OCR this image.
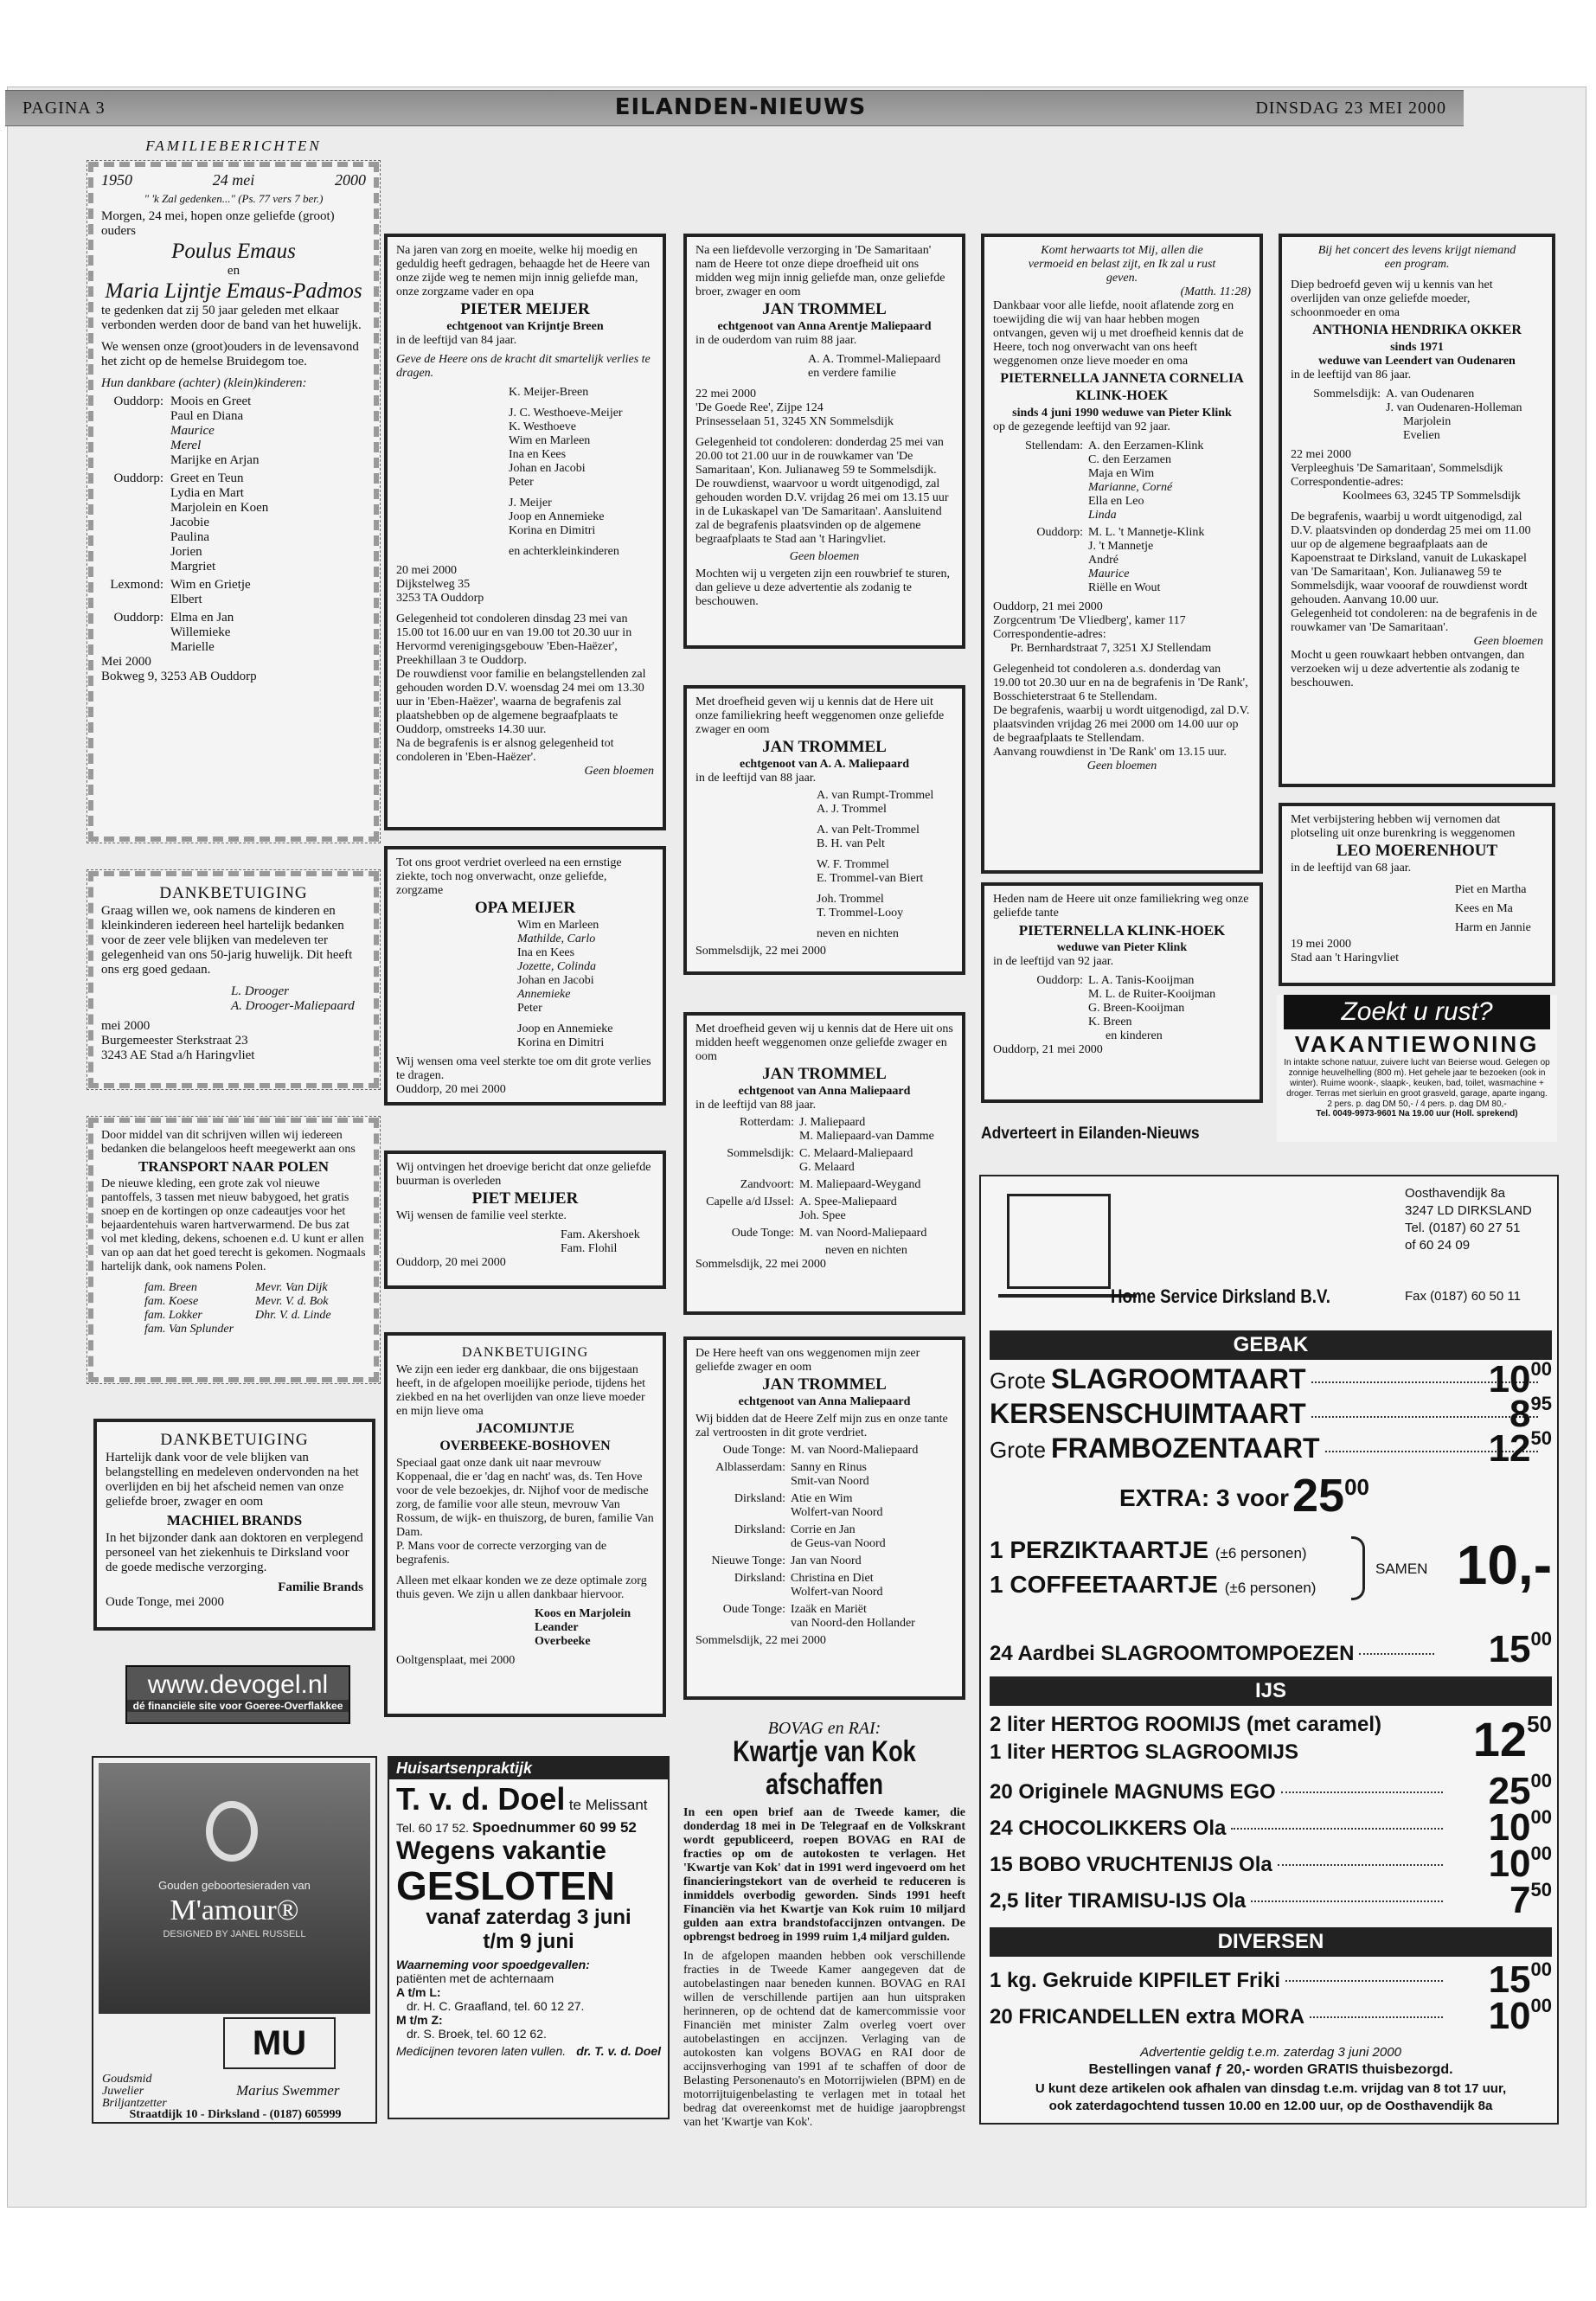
PAGINA 3	EILANDEN-NIEUWS	DINSDAG 23 MEI 2000
FAMILIEBERICHTEN
1950	24 mei	2000
" 'k Zal gedenken..." (Ps. 77 vers 7 ber.)
Morgen, 24 mei, hopen onze geliefde (groot) ouders
Poulus Emaus
en
Maria Lijntje Emaus-Padmos
te gedenken dat zij 50 jaar geleden met elkaar verbonden werden door de band van het huwelijk.
We wensen onze (groot)ouders in de levensavond het zicht op de hemelse Bruidegom toe.
Hun dankbare (achter) (klein)kinderen:
Ouddorp: Moois en Greet
Paul en Diana
Maurice
Merel
Marijke en Arjan
Ouddorp: Greet en Teun
Lydia en Mart
Marjolein en Koen
Jacobie
Paulina
Jorien
Margriet
Lexmond: Wim en Grietje
Elbert
Ouddorp: Elma en Jan
Willemieke
Marielle
Mei 2000
Bokweg 9, 3253 AB Ouddorp
DANKBETUIGING
Graag willen we, ook namens de kinderen en kleinkinderen iedereen heel hartelijk bedanken voor de zeer vele blijken van medeleven ter gelegenheid van ons 50-jarig huwelijk. Dit heeft ons erg goed gedaan.
L. Drooger
A. Drooger-Maliepaard
mei 2000
Burgemeester Sterkstraat 23
3243 AE Stad a/h Haringvliet
Door middel van dit schrijven willen wij iedereen bedanken die belangeloos heeft meegewerkt aan ons
TRANSPORT NAAR POLEN
De nieuwe kleding, een grote zak vol nieuwe pantoffels, 3 tassen met nieuw babygoed, het gratis snoep en de kortingen op onze cadeautjes voor het bejaardentehuis waren hartverwarmend. De bus zat vol met kleding, dekens, schoenen e.d. U kunt er allen van op aan dat het goed terecht is gekomen. Nogmaals hartelijk dank, ook namens Polen.
fam. Breen	Mevr. Van Dijk
fam. Koese	Mevr. V. d. Bok
fam. Lokker	Dhr. V. d. Linde
fam. Van Splunder
DANKBETUIGING
Hartelijk dank voor de vele blijken van belangstelling en medeleven ondervonden na het overlijden en bij het afscheid nemen van onze geliefde broer, zwager en oom
MACHIEL BRANDS
In het bijzonder dank aan doktoren en verplegend personeel van het ziekenhuis te Dirksland voor de goede medische verzorging.
Familie Brands
Oude Tonge, mei 2000
www.devogel.nl
dé financiële site voor Goeree-Overflakkee
Gouden geboortesieraden van
M'amour®
DESIGNED BY JANEL RUSSELL
MU
Goudsmid
Juwelier
Briljantzetter
Marius Swemmer
Straatdijk 10 - Dirksland - (0187) 605999
Na jaren van zorg en moeite, welke hij moedig en geduldig heeft gedragen, behaagde het de Heere van onze zijde weg te nemen mijn innig geliefde man, onze zorgzame vader en opa
PIETER MEIJER
echtgenoot van Krijntje Breen
in de leeftijd van 84 jaar.
Geve de Heere ons de kracht dit smartelijk verlies te dragen.
K. Meijer-Breen
J. C. Westhoeve-Meijer
K. Westhoeve
Wim en Marleen
Ina en Kees
Johan en Jacobi
Peter
J. Meijer
Joop en Annemieke
Korina en Dimitri
en achterkleinkinderen
20 mei 2000
Dijkstelweg 35
3253 TA Ouddorp
Gelegenheid tot condoleren dinsdag 23 mei van 15.00 tot 16.00 uur en van 19.00 tot 20.30 uur in Hervormd verenigingsgebouw 'Eben-Haëzer', Preekhillaan 3 te Ouddorp.
De rouwdienst voor familie en belangstellenden zal gehouden worden D.V. woensdag 24 mei om 13.30 uur in 'Eben-Haëzer', waarna de begrafenis zal plaatshebben op de algemene begraafplaats te Ouddorp, omstreeks 14.30 uur.
Na de begrafenis is er alsnog gelegenheid tot condoleren in 'Eben-Haëzer'.
Geen bloemen
Tot ons groot verdriet overleed na een ernstige ziekte, toch nog onverwacht, onze geliefde, zorgzame
OPA MEIJER
Wim en Marleen
Mathilde, Carlo
Ina en Kees
Jozette, Colinda
Johan en Jacobi
Annemieke
Peter
Joop en Annemieke
Korina en Dimitri
Wij wensen oma veel sterkte toe om dit grote verlies te dragen.
Ouddorp, 20 mei 2000
Wij ontvingen het droevige bericht dat onze geliefde buurman is overleden
PIET MEIJER
Wij wensen de familie veel sterkte.
Fam. Akershoek
Fam. Flohil
Ouddorp, 20 mei 2000
DANKBETUIGING
We zijn een ieder erg dankbaar, die ons bijgestaan heeft, in de afgelopen moeilijke periode, tijdens het ziekbed en na het overlijden van onze lieve moeder en mijn lieve oma
JACOMIJNTJE
OVERBEEKE-BOSHOVEN
Speciaal gaat onze dank uit naar mevrouw Koppenaal, die er 'dag en nacht' was, ds. Ten Hove voor de vele bezoekjes, dr. Nijhof voor de medische zorg, de familie voor alle steun, mevrouw Van Rossum, de wijk- en thuiszorg, de buren, familie Van Dam.
P. Mans voor de correcte verzorging van de begrafenis.
Alleen met elkaar konden we ze deze optimale zorg thuis geven. We zijn u allen dankbaar hiervoor.
Koos en Marjolein
Leander
Overbeeke
Ooltgensplaat, mei 2000
Huisartsenpraktijk
T. v. d. Doel te Melissant
Tel. 60 17 52. Spoednummer 60 99 52
Wegens vakantie
GESLOTEN
vanaf zaterdag 3 juni
t/m 9 juni
Waarneming voor spoedgevallen:
patiënten met de achternaam
A t/m L:
dr. H. C. Graafland, tel. 60 12 27.
M t/m Z:
dr. S. Broek, tel. 60 12 62.
Medicijnen tevoren laten vullen. dr. T. v. d. Doel
Na een liefdevolle verzorging in 'De Samaritaan' nam de Heere tot onze diepe droefheid uit ons midden weg mijn innig geliefde man, onze geliefde broer, zwager en oom
JAN TROMMEL
echtgenoot van Anna Arentje Maliepaard
in de ouderdom van ruim 88 jaar.
A. A. Trommel-Maliepaard
en verdere familie
22 mei 2000
'De Goede Ree', Zijpe 124
Prinsesselaan 51, 3245 XN Sommelsdijk
Gelegenheid tot condoleren: donderdag 25 mei van 20.00 tot 21.00 uur in de rouwkamer van 'De Samaritaan', Kon. Julianaweg 59 te Sommelsdijk.
De rouwdienst, waarvoor u wordt uitgenodigd, zal gehouden worden D.V. vrijdag 26 mei om 13.15 uur in de Lukaskapel van 'De Samaritaan'. Aansluitend zal de begrafenis plaatsvinden op de algemene begraafplaats te Stad aan 't Haringvliet.
Geen bloemen
Mochten wij u vergeten zijn een rouwbrief te sturen, dan gelieve u deze advertentie als zodanig te beschouwen.
Met droefheid geven wij u kennis dat de Here uit onze familiekring heeft weggenomen onze geliefde zwager en oom
JAN TROMMEL
echtgenoot van A. A. Maliepaard
in de leeftijd van 88 jaar.
A. van Rumpt-Trommel
A. J. Trommel
A. van Pelt-Trommel
B. H. van Pelt
W. F. Trommel
E. Trommel-van Biert
Joh. Trommel
T. Trommel-Looy
neven en nichten
Sommelsdijk, 22 mei 2000
Met droefheid geven wij u kennis dat de Here uit ons midden heeft weggenomen onze geliefde zwager en oom
JAN TROMMEL
echtgenoot van Anna Maliepaard
in de leeftijd van 88 jaar.
Rotterdam: J. Maliepaard
M. Maliepaard-van Damme
Sommelsdijk: C. Melaard-Maliepaard
G. Melaard
Zandvoort: M. Maliepaard-Weygand
Capelle a/d IJssel: A. Spee-Maliepaard
Joh. Spee
Oude Tonge: M. van Noord-Maliepaard
neven en nichten
Sommelsdijk, 22 mei 2000
De Here heeft van ons weggenomen mijn zeer geliefde zwager en oom
JAN TROMMEL
echtgenoot van Anna Maliepaard
Wij bidden dat de Heere Zelf mijn zus en onze tante zal vertroosten in dit grote verdriet.
Oude Tonge: M. van Noord-Maliepaard
Alblasserdam: Sanny en Rinus
Smit-van Noord
Dirksland: Atie en Wim
Wolfert-van Noord
Dirksland: Corrie en Jan
de Geus-van Noord
Nieuwe Tonge: Jan van Noord
Dirksland: Christina en Diet
Wolfert-van Noord
Oude Tonge: Izaäk en Mariët
van Noord-den Hollander
Sommelsdijk, 22 mei 2000
BOVAG en RAI:
Kwartje van Kok
afschaffen
In een open brief aan de Tweede kamer, die donderdag 18 mei in De Telegraaf en de Volkskrant wordt gepubliceerd, roepen BOVAG en RAI de fracties op om de autokosten te verlagen. Het 'Kwartje van Kok' dat in 1991 werd ingevoerd om het financieringstekort van de overheid te reduceren is inmiddels overbodig geworden. Sinds 1991 heeft Financiën via het Kwartje van Kok ruim 10 miljard gulden aan extra brandstofaccijnzen ontvangen. De opbrengst bedroeg in 1999 ruim 1,4 miljard gulden.
In de afgelopen maanden hebben ook verschillende fracties in de Tweede Kamer aangegeven dat de autobelastingen naar beneden kunnen. BOVAG en RAI willen de verschillende partijen aan hun uitspraken herinneren, op de ochtend dat de kamercommissie voor Financiën met minister Zalm overleg voert over autobelastingen en accijnzen. Verlaging van de autokosten kan volgens BOVAG en RAI door de accijnsverhoging van 1991 af te schaffen of door de Belasting Personenauto's en Motorrijwielen (BPM) en de motorrijtuigenbelasting te verlagen met in totaal het bedrag dat overeenkomst met de huidige jaaropbrengst van het 'Kwartje van Kok'.
Komt herwaarts tot Mij, allen die vermoeid en belast zijt, en Ik zal u rust geven.
(Matth. 11:28)
Dankbaar voor alle liefde, nooit aflatende zorg en toewijding die wij van haar hebben mogen ontvangen, geven wij u met droefheid kennis dat de Heere, toch nog onverwacht van ons heeft weggenomen onze lieve moeder en oma
PIETERNELLA JANNETA CORNELIA
KLINK-HOEK
sinds 4 juni 1990 weduwe van Pieter Klink
op de gezegende leeftijd van 92 jaar.
Stellendam: A. den Eerzamen-Klink
C. den Eerzamen
Maja en Wim
Marianne, Corné
Ella en Leo
Linda
Ouddorp: M. L. 't Mannetje-Klink
J. 't Mannetje
André
Maurice
Riëlle en Wout
Ouddorp, 21 mei 2000
Zorgcentrum 'De Vliedberg', kamer 117
Correspondentie-adres:
Pr. Bernhardstraat 7, 3251 XJ Stellendam
Gelegenheid tot condoleren a.s. donderdag van 19.00 tot 20.30 uur en na de begrafenis in 'De Rank', Bosschieterstraat 6 te Stellendam.
De begrafenis, waarbij u wordt uitgenodigd, zal D.V. plaatsvinden vrijdag 26 mei 2000 om 14.00 uur op de begraafplaats te Stellendam.
Aanvang rouwdienst in 'De Rank' om 13.15 uur.
Geen bloemen
Heden nam de Heere uit onze familiekring weg onze geliefde tante
PIETERNELLA KLINK-HOEK
weduwe van Pieter Klink
in de leeftijd van 92 jaar.
Ouddorp: L. A. Tanis-Kooijman
M. L. de Ruiter-Kooijman
G. Breen-Kooijman
K. Breen
en kinderen
Ouddorp, 21 mei 2000
Adverteert in Eilanden-Nieuws
Bij het concert des levens krijgt niemand een program.
Diep bedroefd geven wij u kennis van het overlijden van onze geliefde moeder, schoonmoeder en oma
ANTHONIA HENDRIKA OKKER
sinds 1971
weduwe van Leendert van Oudenaren
in de leeftijd van 86 jaar.
Sommelsdijk: A. van Oudenaren
J. van Oudenaren-Holleman
Marjolein
Evelien
22 mei 2000
Verpleeghuis 'De Samaritaan', Sommelsdijk
Correspondentie-adres:
Koolmees 63, 3245 TP Sommelsdijk
De begrafenis, waarbij u wordt uitgenodigd, zal D.V. plaatsvinden op donderdag 25 mei om 11.00 uur op de algemene begraafplaats aan de Kapoenstraat te Dirksland, vanuit de Lukaskapel van 'De Samaritaan', Kon. Julianaweg 59 te Sommelsdijk, waar voooraf de rouwdienst wordt gehouden. Aanvang 10.00 uur.
Gelegenheid tot condoleren: na de begrafenis in de rouwkamer van 'De Samaritaan'.
Geen bloemen
Mocht u geen rouwkaart hebben ontvangen, dan verzoeken wij u deze advertentie als zodanig te beschouwen.
Met verbijstering hebben wij vernomen dat plotseling uit onze burenkring is weggenomen
LEO MOERENHOUT
in de leeftijd van 68 jaar.
Piet en Martha
Kees en Ma
Harm en Jannie
19 mei 2000
Stad aan 't Haringvliet
Zoekt u rust?
VAKANTIEWONING
In intakte schone natuur, zuivere lucht van Beierse woud. Gelegen op zonnige heuvelhelling (800 m). Het gehele jaar te bezoeken (ook in winter). Ruime woonk-, slaapk-, keuken, bad, toilet, wasmachine + droger. Terras met sierluin en groot grasveld, garage, aparte ingang.
2 pers. p. dag DM 50,- / 4 pers. p. dag DM 80,-
Tel. 0049-9973-9601 Na 19.00 uur (Holl. sprekend)
Oosthavendijk 8a
3247 LD DIRKSLAND
Tel. (0187) 60 27 51
of 60 24 09
Home Service Dirksland B.V.	Fax (0187) 60 50 11
GEBAK
Grote SLAGROOMTAART	$10^{00}$
KERSENSCHUIMTAART	$8^{95}$
Grote FRAMBOZENTAART	$12^{50}$
EXTRA: 3 voor $25^{00}$
1 PERZIKTAARTJE (±6 personen)
1 COFFEETAARTJE (±6 personen)
SAMEN 10,-
24 Aardbei SLAGROOMTOMPOEZEN	$15^{00}$
IJS
2 liter HERTOG ROOMIJS (met caramel)
1 liter HERTOG SLAGROOMIJS	$12^{50}$
20 Originele MAGNUMS EGO	$25^{00}$
24 CHOCOLIKKERS Ola	$10^{00}$
15 BOBO VRUCHTENIJS Ola	$10^{00}$
2,5 liter TIRAMISU-IJS Ola	$7^{50}$
DIVERSEN
1 kg. Gekruide KIPFILET Friki	$15^{00}$
20 FRICANDELLEN extra MORA	$10^{00}$
Advertentie geldig t.e.m. zaterdag 3 juni 2000
Bestellingen vanaf ƒ 20,- worden GRATIS thuisbezorgd.
U kunt deze artikelen ook afhalen van dinsdag t.e.m. vrijdag van 8 tot 17 uur,
ook zaterdagochtend tussen 10.00 en 12.00 uur, op de Oosthavendijk 8a
